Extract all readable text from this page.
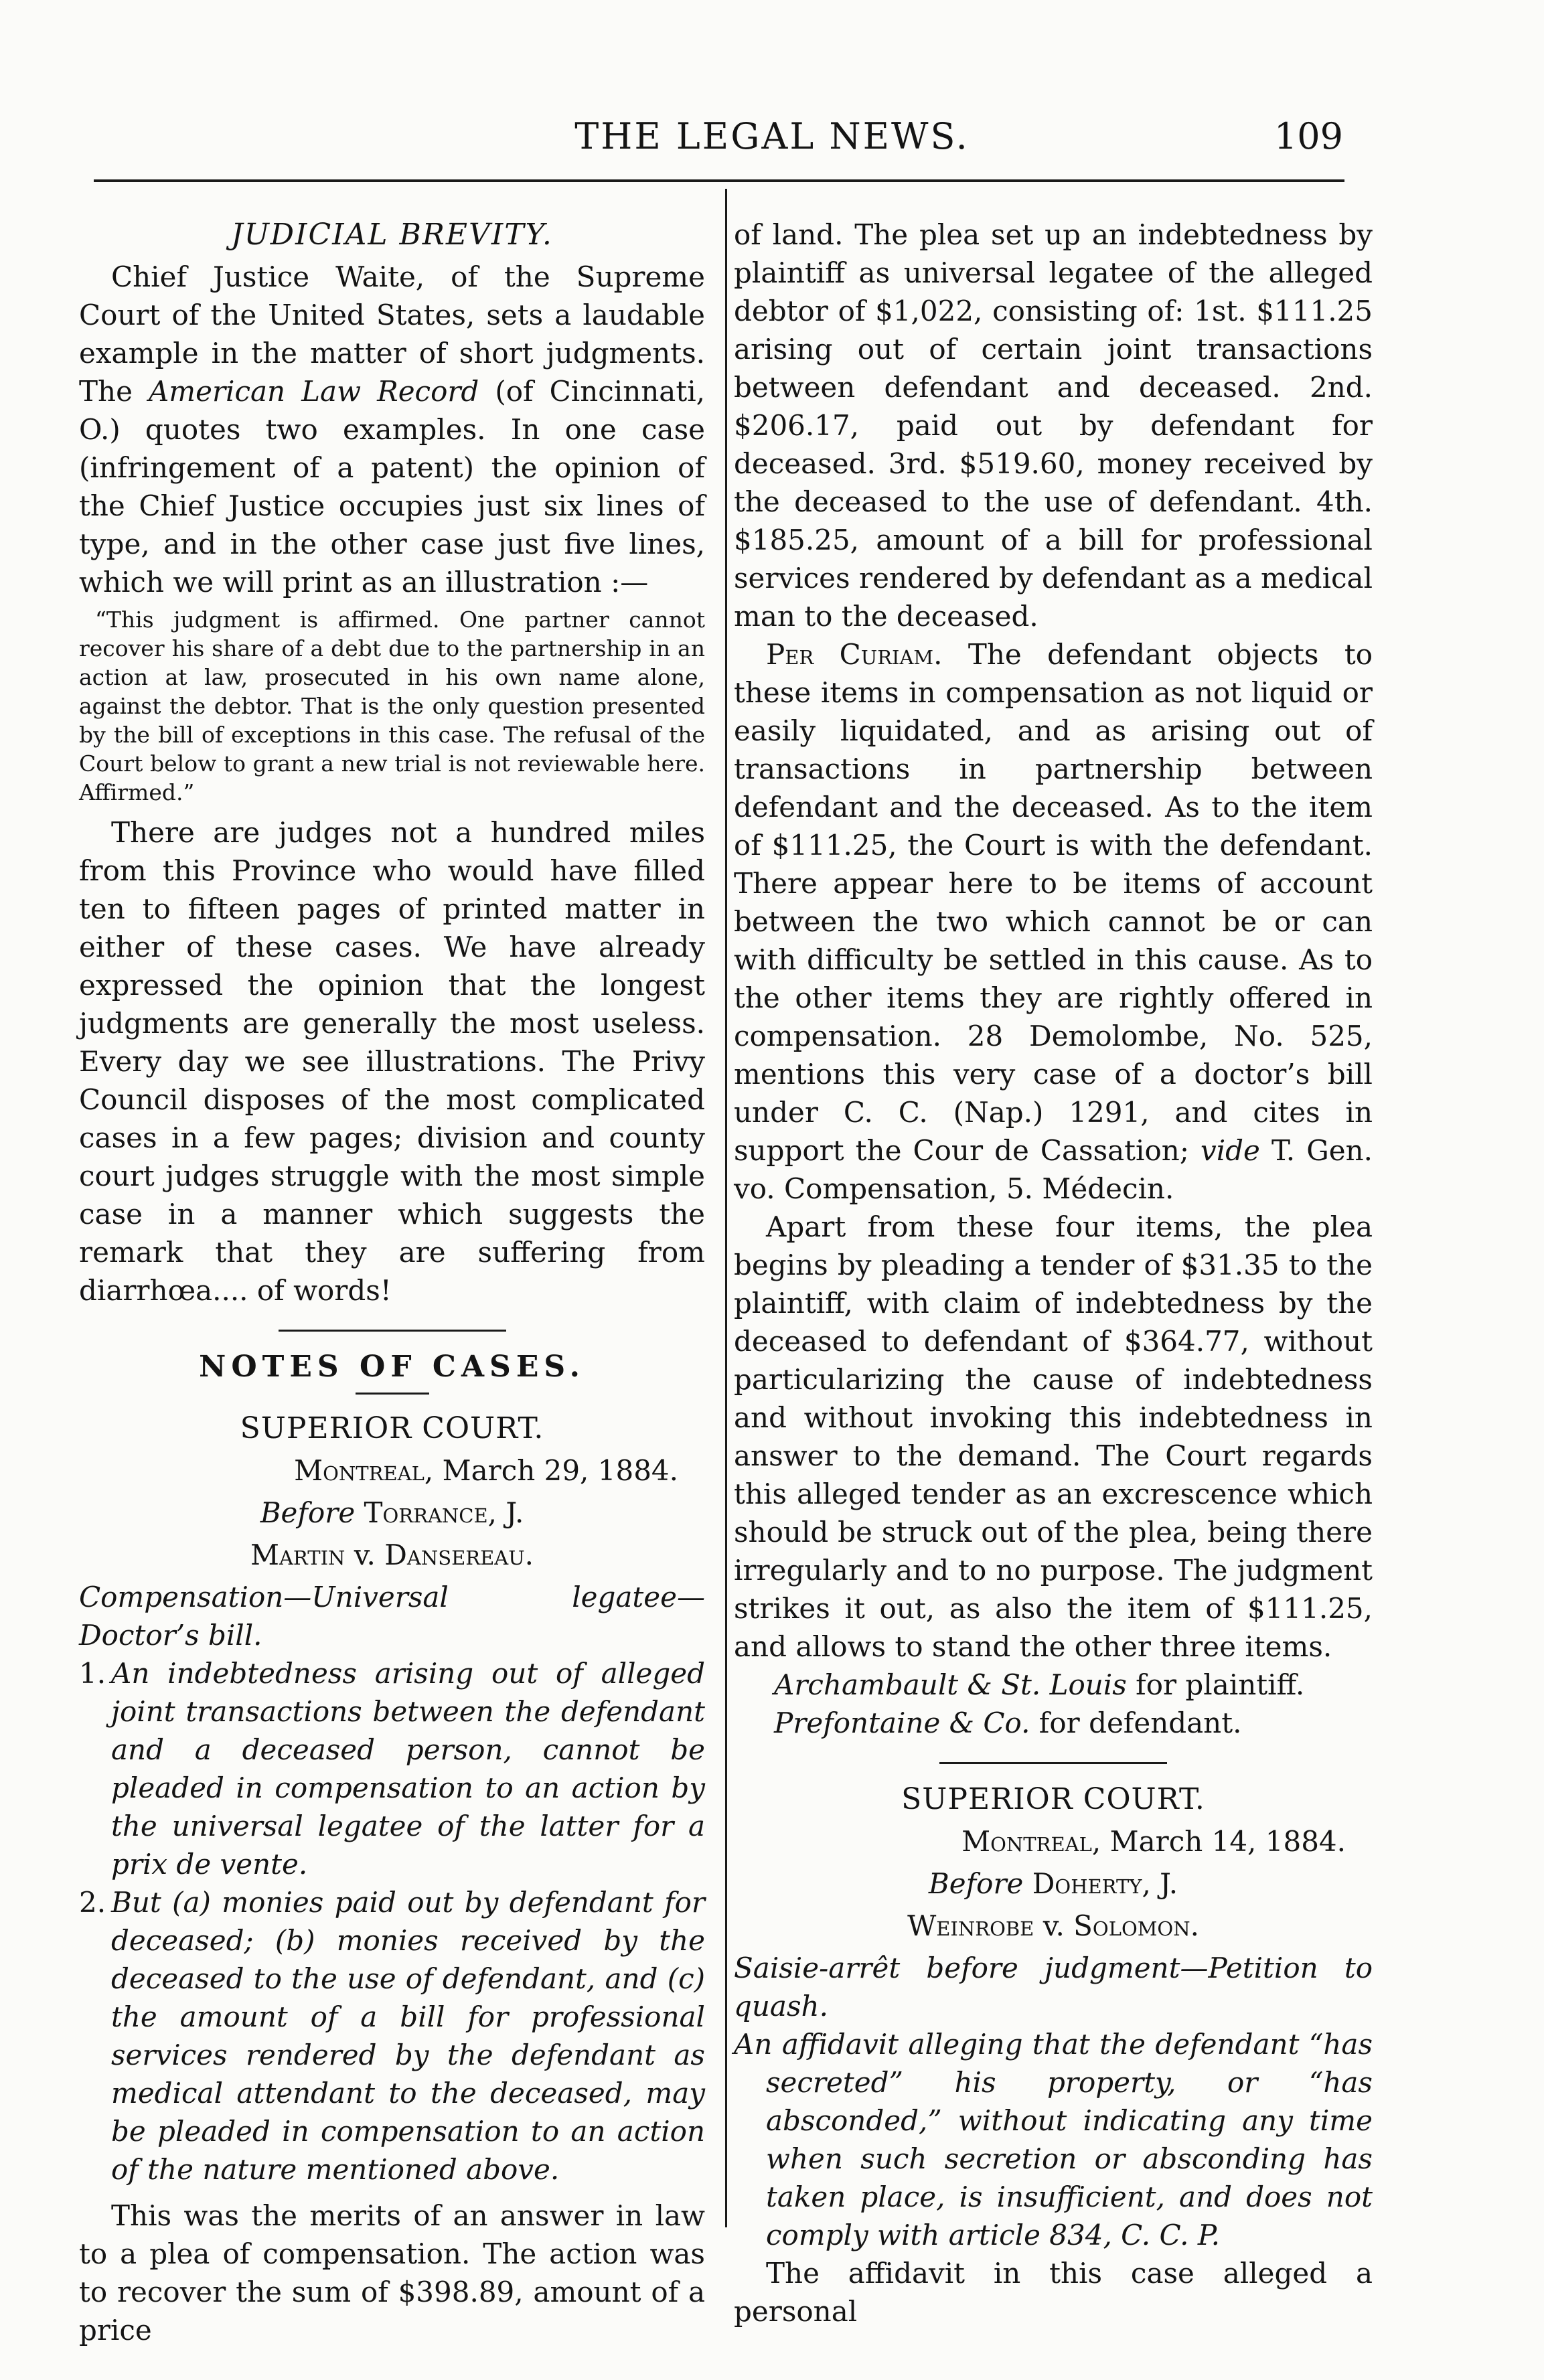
THE LEGAL NEWS.	109
JUDICIAL BREVITY.

Chief Justice Waite, of the Supreme Court of the United States, sets a laudable example in the matter of short judgments. The American Law Record (of Cincinnati, O.) quotes two examples. In one case (infringement of a patent) the opinion of the Chief Justice occupies just six lines of type, and in the other case just five lines, which we will print as an illustration :—

“This judgment is affirmed. One partner cannot recover his share of a debt due to the partnership in an action at law, prosecuted in his own name alone, against the debtor. That is the only question presented by the bill of exceptions in this case. The refusal of the Court below to grant a new trial is not reviewable here. Affirmed.”

There are judges not a hundred miles from this Province who would have filled ten to fifteen pages of printed matter in either of these cases. We have already expressed the opinion that the longest judgments are generally the most useless. Every day we see illustrations. The Privy Council disposes of the most complicated cases in a few pages; division and county court judges struggle with the most simple case in a manner which suggests the remark that they are suffering from diarrhœa.... of words!

NOTES OF CASES.
SUPERIOR COURT.
Montreal, March 29, 1884.
Before Torrance, J.
Martin v. Dansereau.

Compensation—Universal legatee—Doctor’s bill.

1. An indebtedness arising out of alleged joint transactions between the defendant and a deceased person, cannot be pleaded in compensation to an action by the universal legatee of the latter for a prix de vente.

2. But (a) monies paid out by defendant for deceased; (b) monies received by the deceased to the use of defendant, and (c) the amount of a bill for professional services rendered by the defendant as medical attendant to the deceased, may be pleaded in compensation to an action of the nature mentioned above.

This was the merits of an answer in law to a plea of compensation. The action was to recover the sum of $398.89, amount of a price

of land. The plea set up an indebtedness by plaintiff as universal legatee of the alleged debtor of $1,022, consisting of: 1st. $111.25 arising out of certain joint transactions between defendant and deceased. 2nd. $206.17, paid out by defendant for deceased. 3rd. $519.60, money received by the deceased to the use of defendant. 4th. $185.25, amount of a bill for professional services rendered by defendant as a medical man to the deceased.

Per Curiam. The defendant objects to these items in compensation as not liquid or easily liquidated, and as arising out of transactions in partnership between defendant and the deceased. As to the item of $111.25, the Court is with the defendant. There appear here to be items of account between the two which cannot be or can with difficulty be settled in this cause. As to the other items they are rightly offered in compensation. 28 Demolombe, No. 525, mentions this very case of a doctor’s bill under C. C. (Nap.) 1291, and cites in support the Cour de Cassation; vide T. Gen. vo. Compensation, 5. Médecin.

Apart from these four items, the plea begins by pleading a tender of $31.35 to the plaintiff, with claim of indebtedness by the deceased to defendant of $364.77, without particularizing the cause of indebtedness and without invoking this indebtedness in answer to the demand. The Court regards this alleged tender as an excrescence which should be struck out of the plea, being there irregularly and to no purpose. The judgment strikes it out, as also the item of $111.25, and allows to stand the other three items.

Archambault & St. Louis for plaintiff.

Prefontaine & Co. for defendant.

SUPERIOR COURT.
Montreal, March 14, 1884.
Before Doherty, J.
Weinrobe v. Solomon.

Saisie-arrêt before judgment—Petition to quash.

An affidavit alleging that the defendant “has secreted” his property, or “has absconded,” without indicating any time when such secretion or absconding has taken place, is insufficient, and does not comply with article 834, C. C. P.

The affidavit in this case alleged a personal
